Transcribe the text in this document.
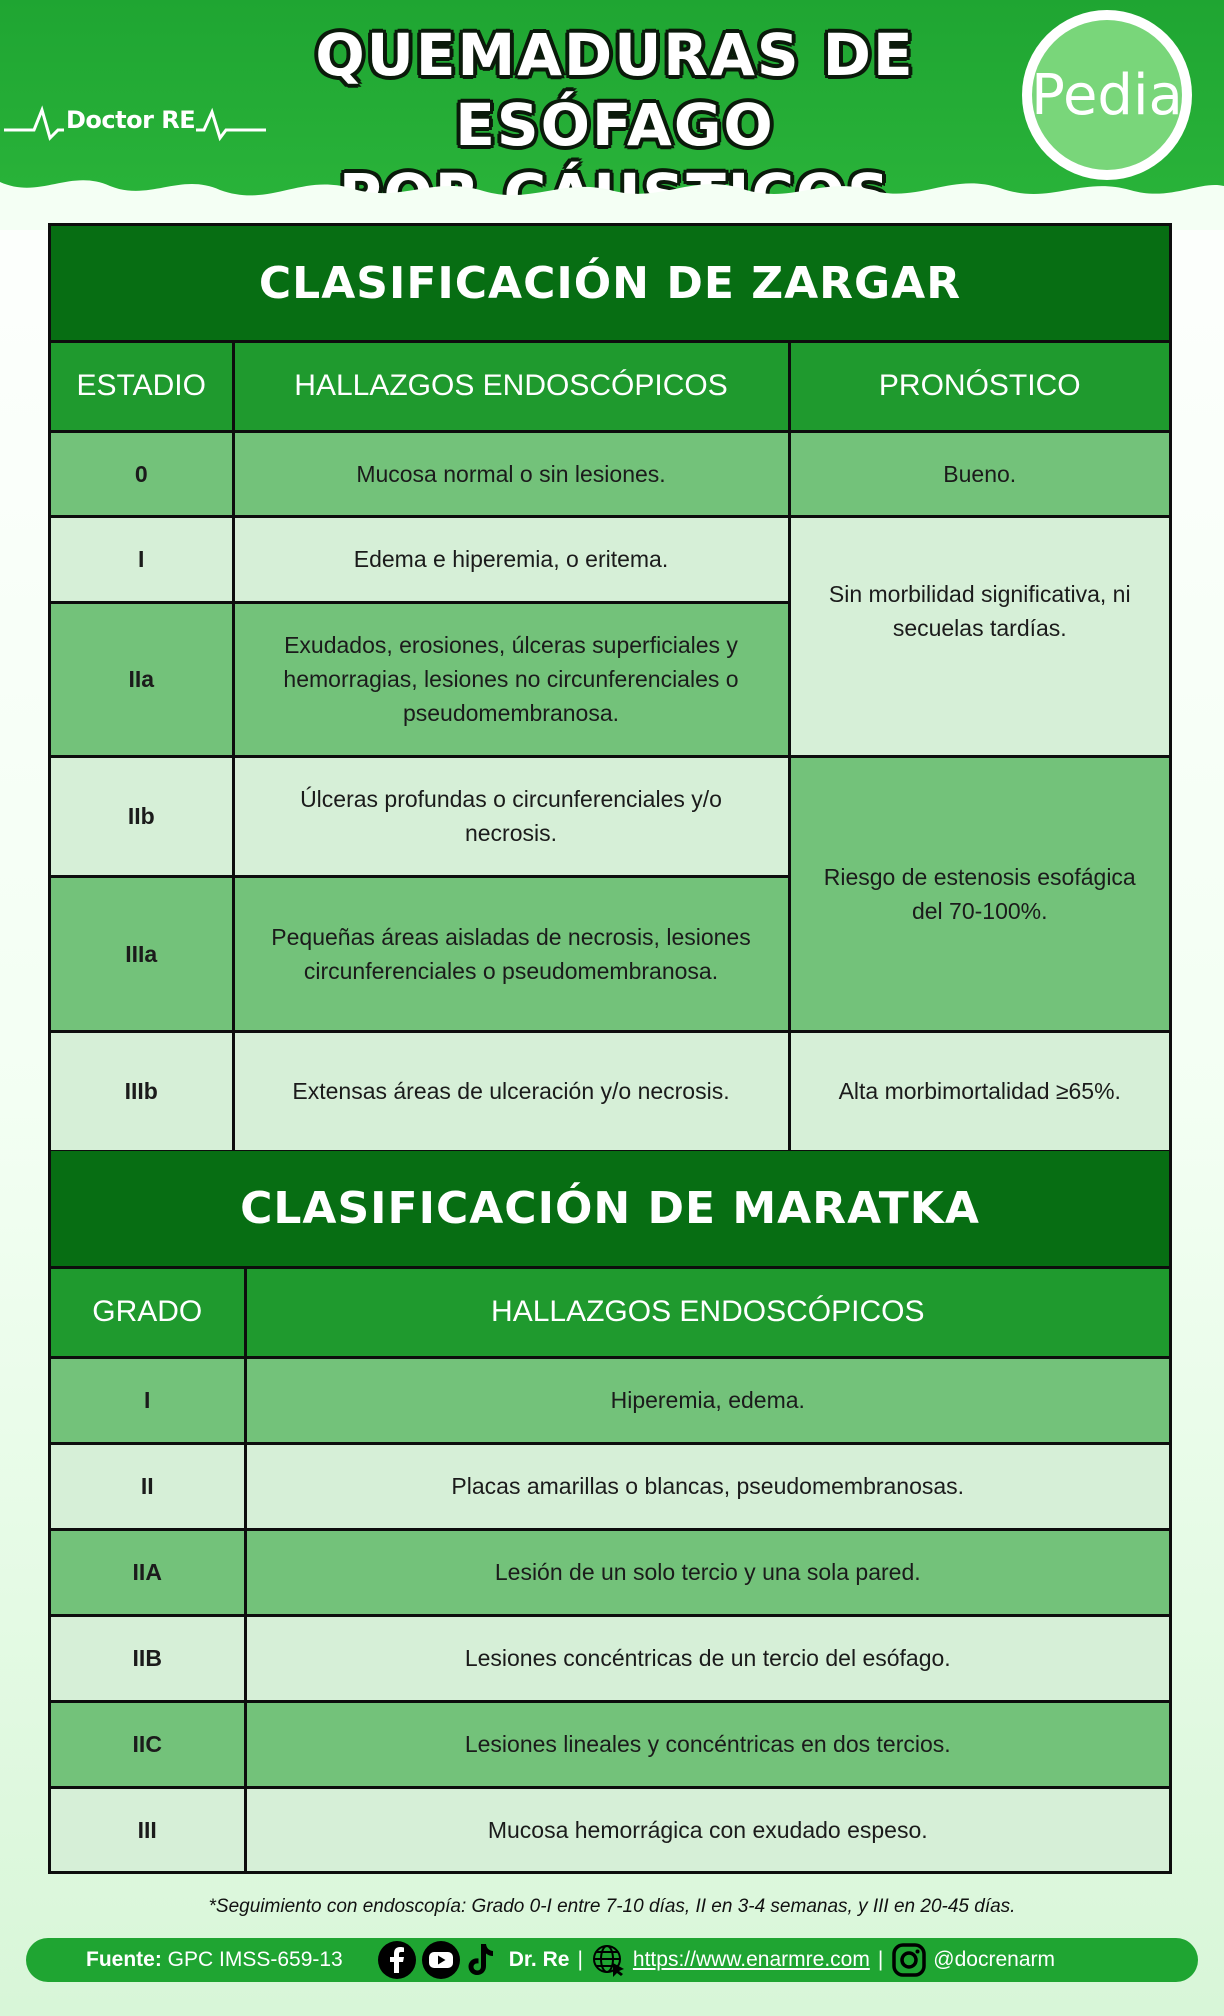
Doctor RE
QUEMADURAS DE ESÓFAGO	Pedia
CLASIFICACIÓN DE ZARGAR
ESTADIO	HALLAZGOS ENDOSCÓPICOS	PRONÓSTICO
0	Mucosa normal o sin lesiones.	Bueno.
I	Edema e hiperemia, o eritema.	Sin morbilidad significativa, ni secuelas tardías.
IIa	Exudados, erosiones, úlceras superficiales y hemorragias, lesiones no circunferenciales o pseudomembranosa.	
IIb	Úlceras profundas o circunferenciales y/o necrosis.	Riesgo de estenosis esofágica del 70-100%.
IIIa	Pequeñas áreas aisladas de necrosis, lesiones circunferenciales o pseudomembranosa.	
IIIb	Extensas áreas de ulceración y/o necrosis.	Alta morbimortalidad ≥65%.
CLASIFICACIÓN DE MARATKA
GRADO	HALLAZGOS ENDOSCÓPICOS
I	Hiperemia, edema.
II	Placas amarillas o blancas, pseudomembranosas.
IIA	Lesión de un solo tercio y una sola pared.
IIB	Lesiones concéntricas de un tercio del esófago.
IIC	Lesiones lineales y concéntricas en dos tercios.
III	Mucosa hemorrágica con exudado espeso.
*Seguimiento con endoscopía: Grado 0-I entre 7-10 días, II en 3-4 semanas, y III en 20-45 días.
Fuente: GPC IMSS-659-13	Dr. Re | https://www.enarmre.com | @docrenarm
